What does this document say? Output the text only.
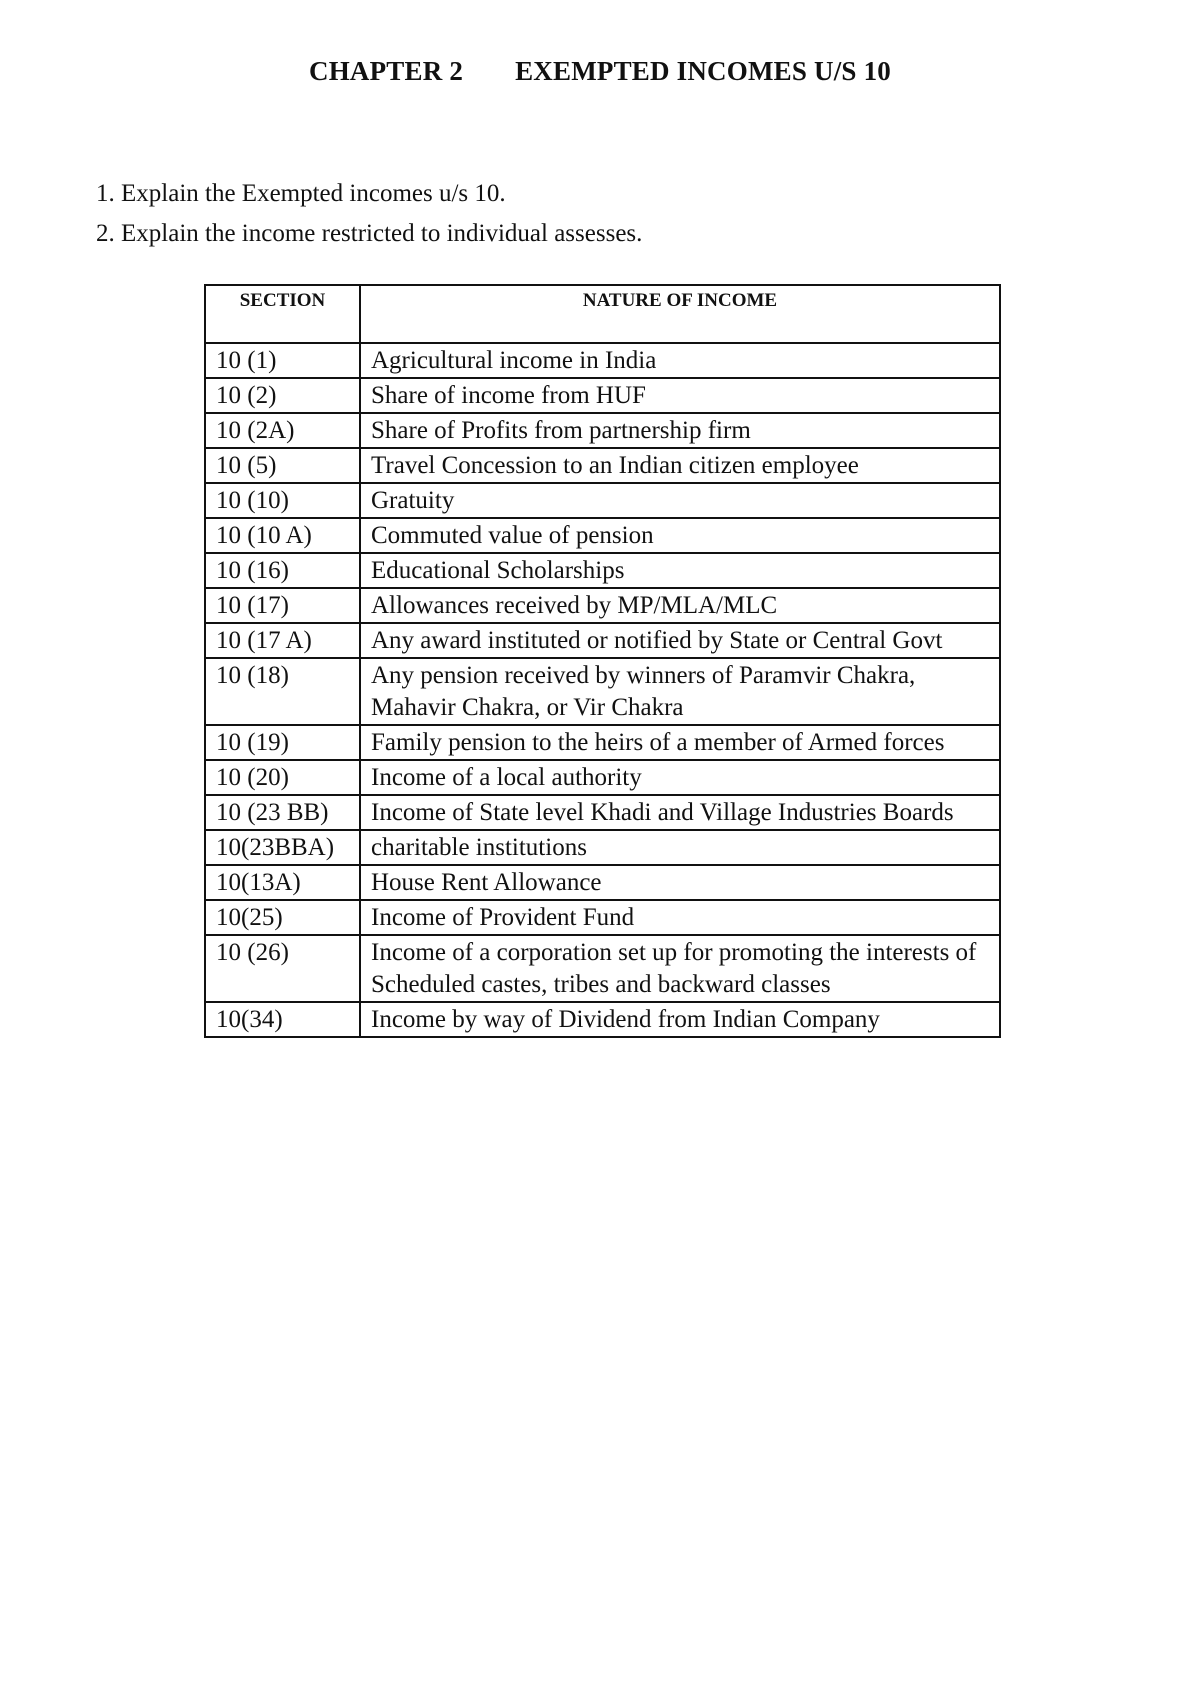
CHAPTER 2 EXEMPTED INCOMES U/S 10
1. Explain the Exempted incomes u/s 10.
2. Explain the income restricted to individual assesses.
SECTION	NATURE OF INCOME
10 (1)	Agricultural income in India
10 (2)	Share of income from HUF
10 (2A)	Share of Profits from partnership firm
10 (5)	Travel Concession to an Indian citizen employee
10 (10)	Gratuity
10 (10 A)	Commuted value of pension
10 (16)	Educational Scholarships
10 (17)	Allowances received by MP/MLA/MLC
10 (17 A)	Any award instituted or notified by State or Central Govt
10 (18)	Any pension received by winners of Paramvir Chakra, Mahavir Chakra, or Vir Chakra
10 (19)	Family pension to the heirs of a member of Armed forces
10 (20)	Income of a local authority
10 (23 BB)	Income of State level Khadi and Village Industries Boards
10(23BBA)	charitable institutions
10(13A)	House Rent Allowance
10(25)	Income of Provident Fund
10 (26)	Income of a corporation set up for promoting the interests of Scheduled castes, tribes and backward classes
10(34)	Income by way of Dividend from Indian Company
